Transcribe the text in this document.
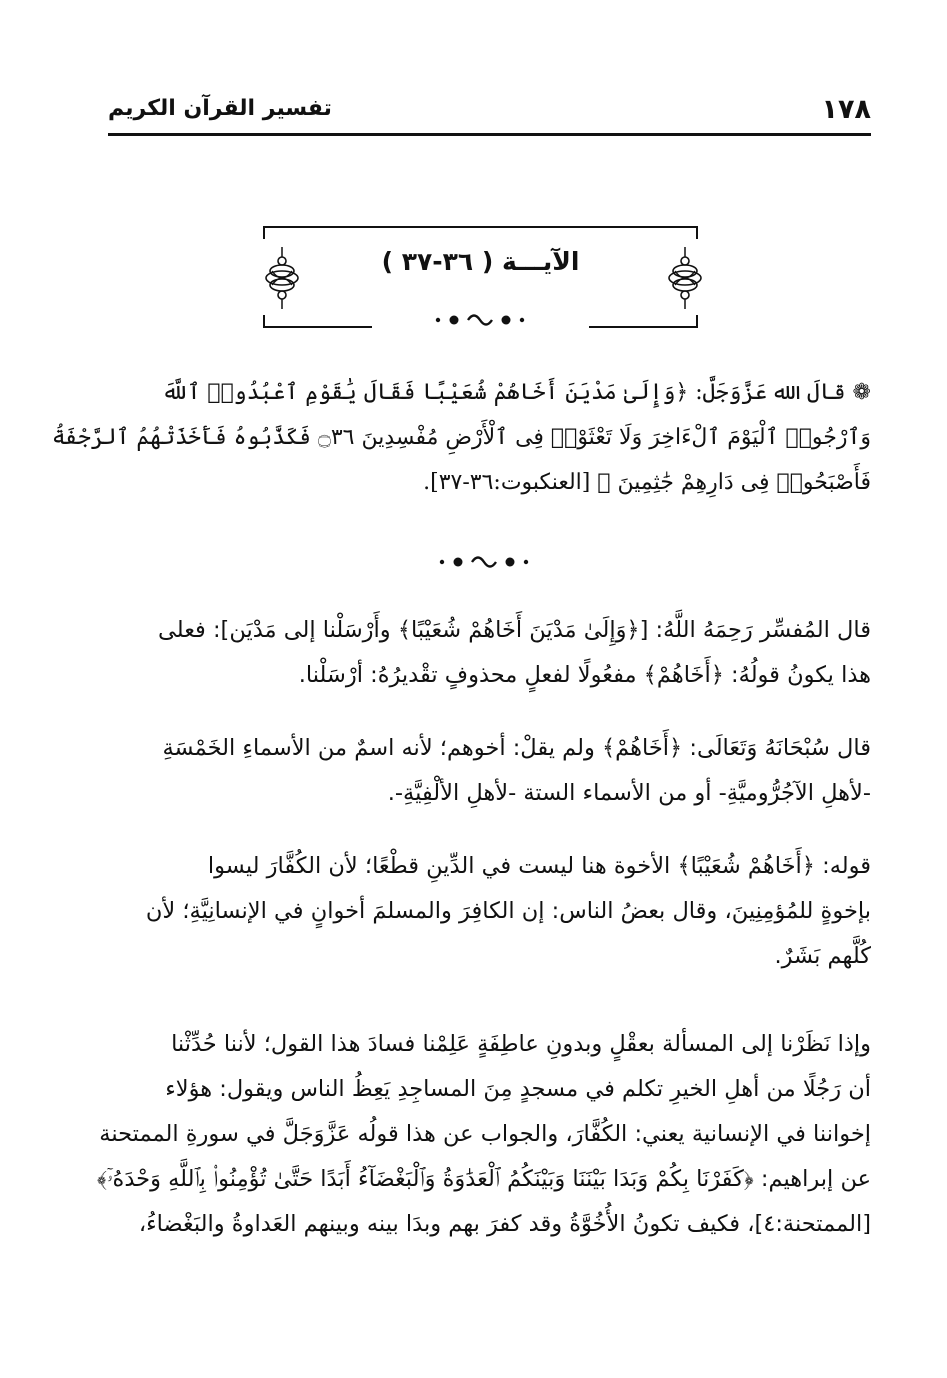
١٧٨
تفسير القرآن الكريم
الآيـــة ( ٣٦-٣٧ )
❁ قالَ الله عَزَّوَجَلَّ: ﴿وَإِلَىٰ مَدْيَنَ أَخَاهُمْ شُعَيْبًا فَقَالَ يَٰقَوْمِ ٱعْبُدُوا۟ ٱللَّهَ
وَٱرْجُوا۟ ٱلْيَوْمَ ٱلْءَاخِرَ وَلَا تَعْثَوْا۟ فِى ٱلْأَرْضِ مُفْسِدِينَ ۝٣٦ فَكَذَّبُوهُ فَأَخَذَتْهُمُ ٱلرَّجْفَةُ
فَأَصْبَحُوا۟ فِى دَارِهِمْ جَٰثِمِينَ ﴾ [العنكبوت:٣٦-٣٧].
قال المُفسِّر رَحِمَهُ اللَّهُ: [﴿وَإِلَىٰ مَدْيَنَ أَخَاهُمْ شُعَيْبًا﴾ وأَرْسَلْنا إلى مَدْيَن]: فعلى
هذا يكونُ قولُهُ: ﴿أَخَاهُمْ﴾ مفعُولًا لفعلٍ محذوفٍ تقْديرُهُ: أرْسَلْنا.
قال سُبْحَانَهُ وَتَعَالَى: ﴿أَخَاهُمْ﴾ ولم يقلْ: أخوهم؛ لأنه اسمٌ من الأسماءِ الخَمْسَةِ
-لأهلِ الآجُرُّوميَّةِ- أو من الأسماء الستة -لأهلِ الألْفِيَّةِ-.
قوله: ﴿أَخَاهُمْ شُعَيْبًا﴾ الأخوة هنا ليست في الدِّينِ قطْعًا؛ لأن الكُفَّارَ ليسوا
بإخوةٍ للمُؤمِنِينَ، وقال بعضُ الناس: إن الكافِرَ والمسلمَ أخوانٍ في الإنسانِيَّةِ؛ لأن
كُلَّهم بَشَرٌ.
وإذا نَظَرْنا إلى المسألة بعقْلٍ وبدونِ عاطِفَةٍ عَلِمْنا فسادَ هذا القول؛ لأننا حُدِّثْنا
أن رَجُلًا من أهلِ الخيرِ تكلم في مسجدٍ مِنَ المساجِدِ يَعِظُ الناس ويقول: هؤلاء
إخواننا في الإنسانية يعني: الكُفَّارَ، والجواب عن هذا قولُه عَزَّوَجَلَّ في سورةِ الممتحنة
عن إبراهيم: ﴿كَفَرْنَا بِكُمْ وَبَدَا بَيْنَنَا وَبَيْنَكُمُ ٱلْعَدَٰوَةُ وَٱلْبَغْضَآءُ أَبَدًا حَتَّىٰ تُؤْمِنُوا۟ بِٱللَّهِ وَحْدَهُۥٓ﴾
[الممتحنة:٤]، فكيف تكونُ الأُخُوَّةُ وقد كفرَ بهم وبدَا بينه وبينهم العَداوةُ والبَغْضاءُ،
